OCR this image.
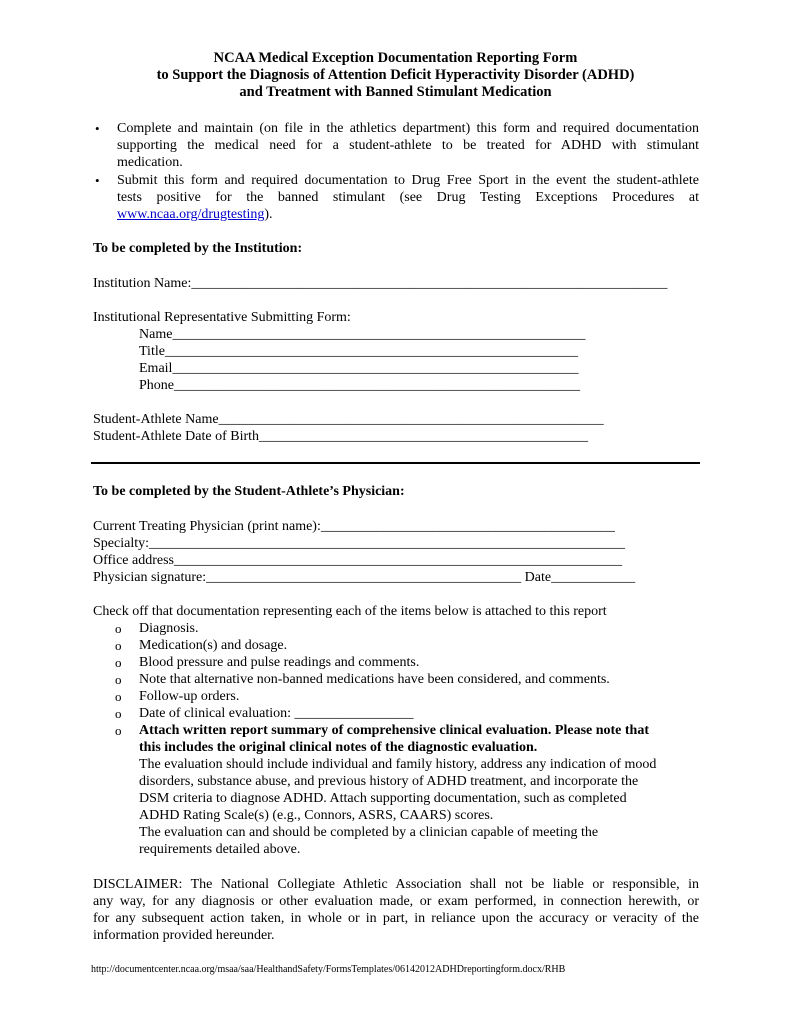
NCAA Medical Exception Documentation Reporting Form
to Support the Diagnosis of Attention Deficit Hyperactivity Disorder (ADHD)
and Treatment with Banned Stimulant Medication
• Complete and maintain (on file in the athletics department) this form and required documentation
supporting the medical need for a student-athlete to be treated for ADHD with stimulant
medication.
• Submit this form and required documentation to Drug Free Sport in the event the student-athlete
tests positive for the banned stimulant (see Drug Testing Exceptions Procedures at
www.ncaa.org/drugtesting).
To be completed by the Institution:
Institution Name:____________________________________________________________________
Institutional Representative Submitting Form:
Name___________________________________________________________
Title___________________________________________________________
Email__________________________________________________________
Phone__________________________________________________________
Student-Athlete Name_______________________________________________________
Student-Athlete Date of Birth_______________________________________________
To be completed by the Student-Athlete’s Physician:
Current Treating Physician (print name):__________________________________________
Specialty:____________________________________________________________________
Office address________________________________________________________________
Physician signature:_____________________________________________ Date____________
Check off that documentation representing each of the items below is attached to this report
o Diagnosis.
o Medication(s) and dosage.
o Blood pressure and pulse readings and comments.
o Note that alternative non-banned medications have been considered, and comments.
o Follow-up orders.
o Date of clinical evaluation: _________________
o Attach written report summary of comprehensive clinical evaluation. Please note that
this includes the original clinical notes of the diagnostic evaluation.
The evaluation should include individual and family history, address any indication of mood
disorders, substance abuse, and previous history of ADHD treatment, and incorporate the
DSM criteria to diagnose ADHD. Attach supporting documentation, such as completed
ADHD Rating Scale(s) (e.g., Connors, ASRS, CAARS) scores.
The evaluation can and should be completed by a clinician capable of meeting the
requirements detailed above.
DISCLAIMER: The National Collegiate Athletic Association shall not be liable or responsible, in
any way, for any diagnosis or other evaluation made, or exam performed, in connection herewith, or
for any subsequent action taken, in whole or in part, in reliance upon the accuracy or veracity of the
information provided hereunder.
http://documentcenter.ncaa.org/msaa/saa/HealthandSafety/FormsTemplates/06142012ADHDreportingform.docx/RHB
